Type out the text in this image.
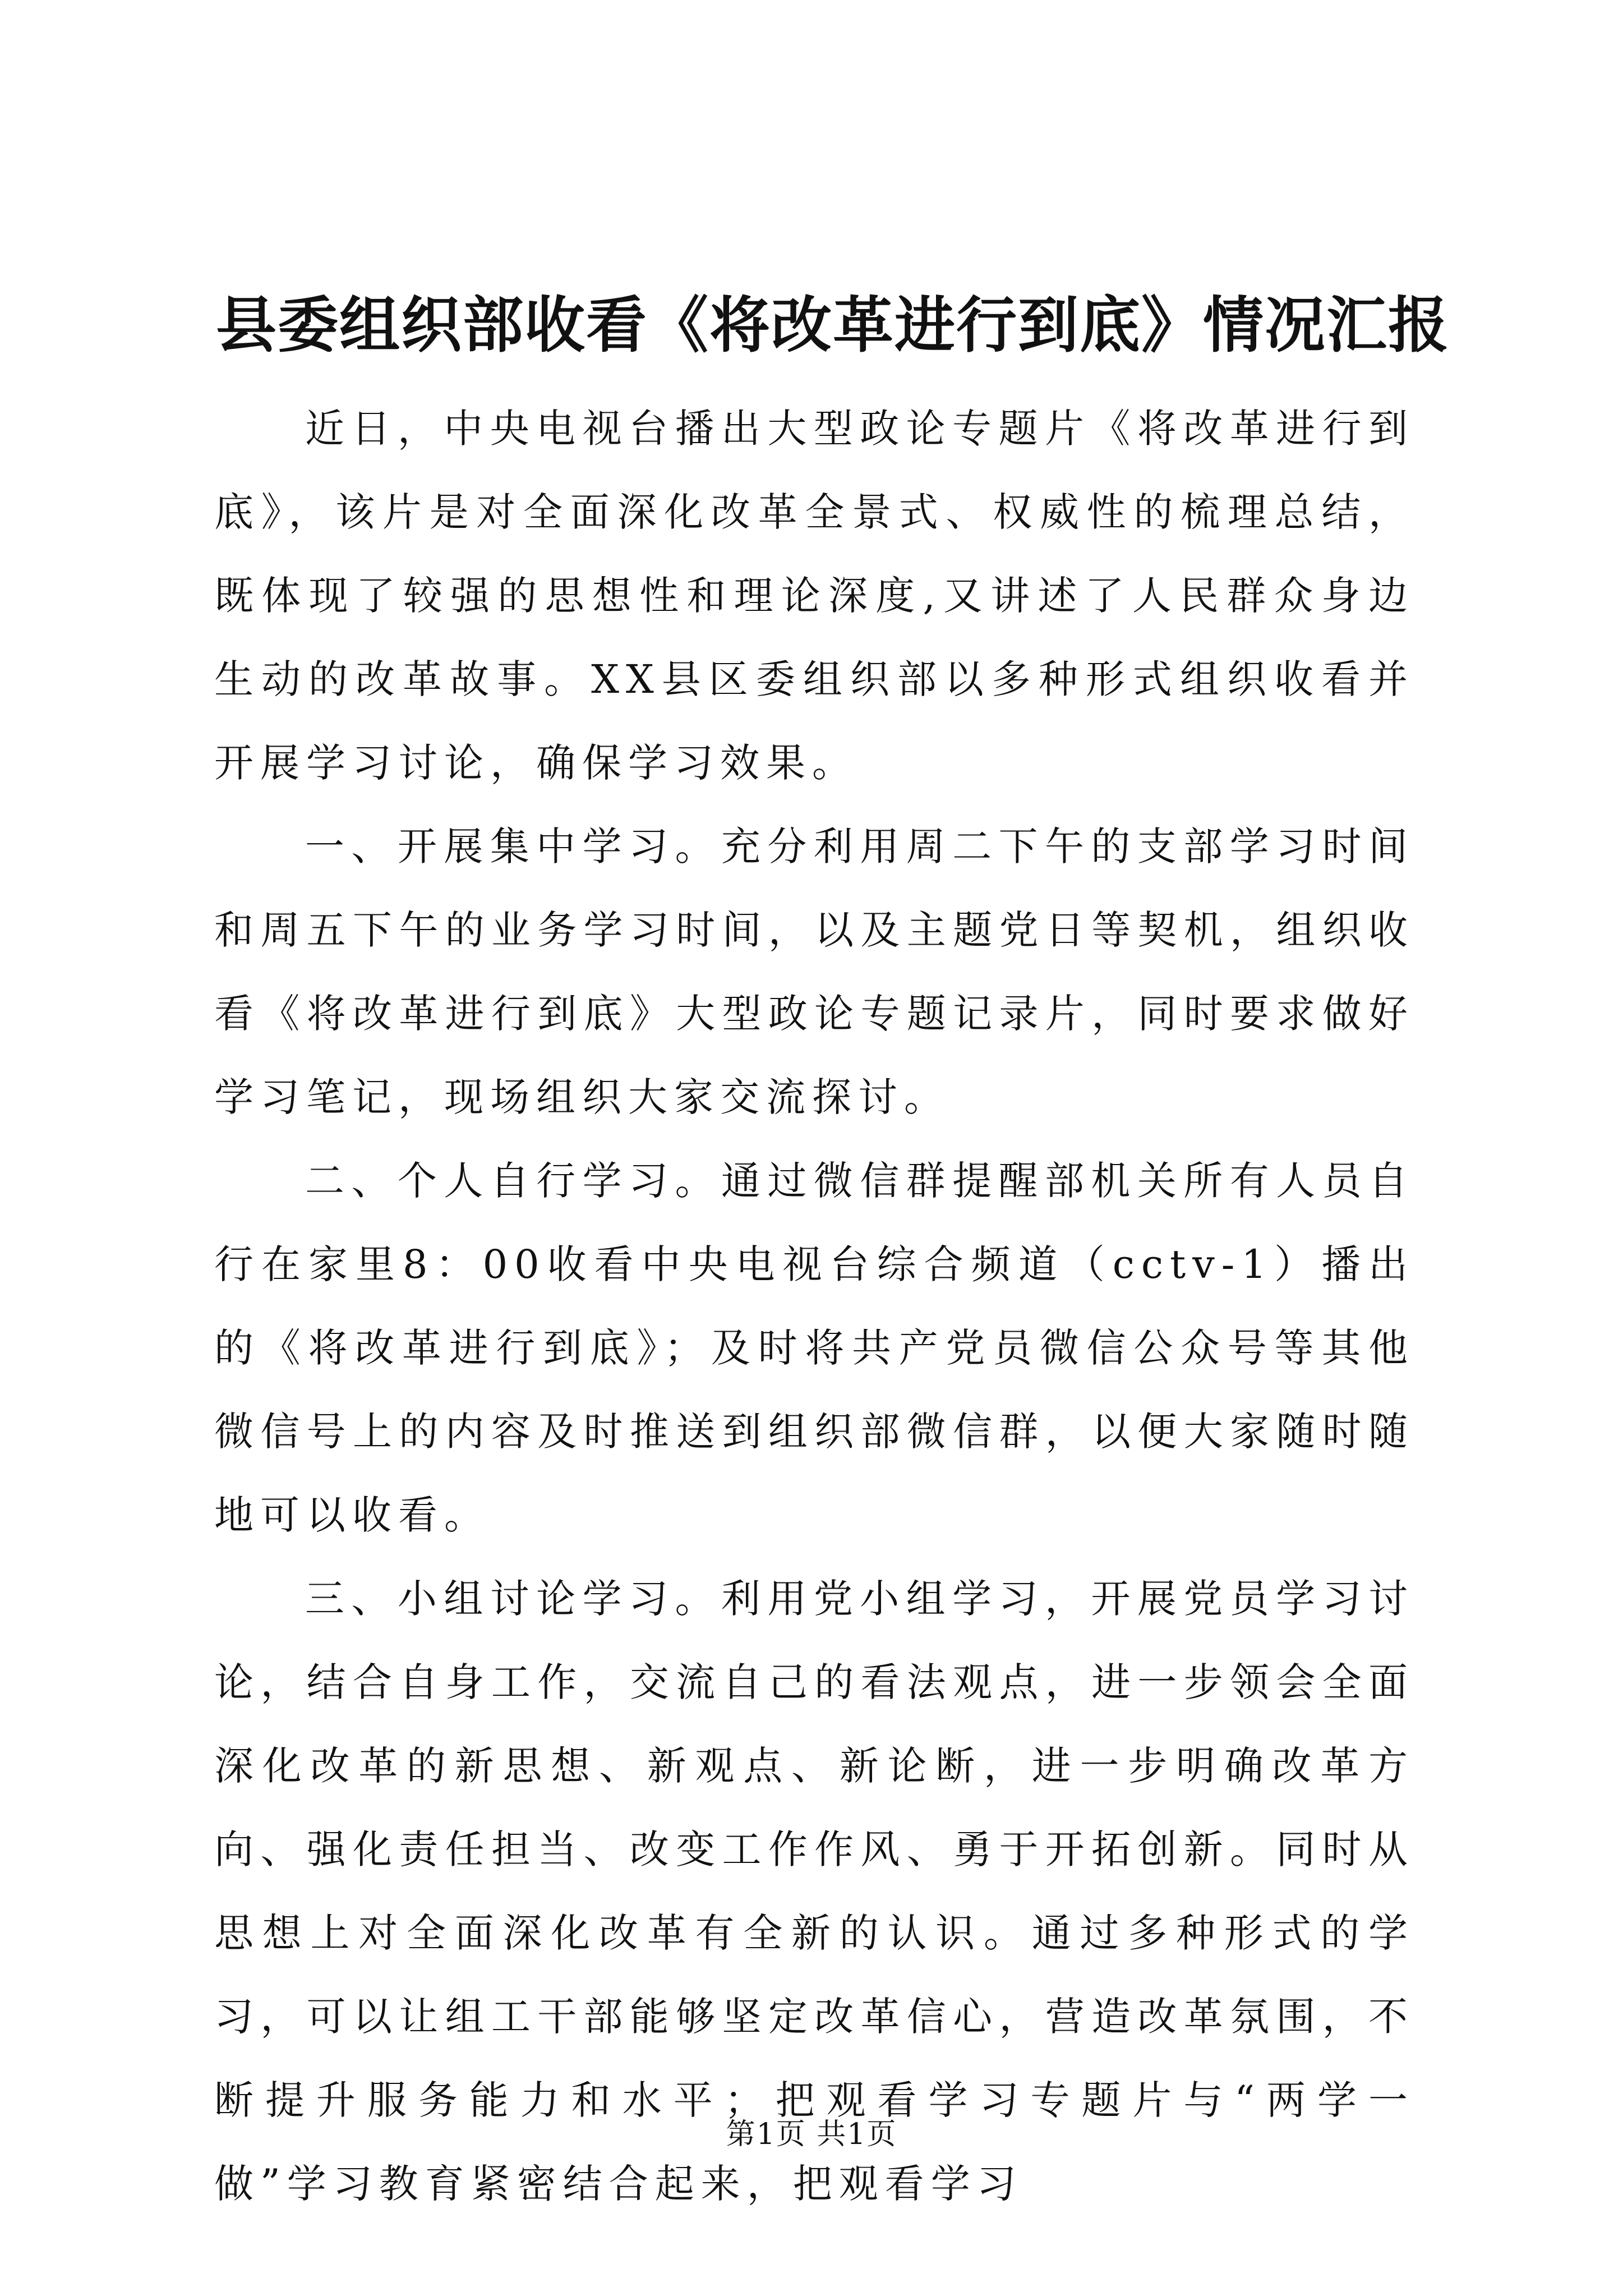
县委组织部收看《将改革进行到底》情况汇报

近日，中央电视台播出大型政论专题片《将改革进行到底》，该片是对全面深化改革全景式、权威性的梳理总结，既体现了较强的思想性和理论深度,又讲述了人民群众身边生动的改革故事。XX县区委组织部以多种形式组织收看并开展学习讨论，确保学习效果。

一、开展集中学习。充分利用周二下午的支部学习时间和周五下午的业务学习时间，以及主题党日等契机，组织收看《将改革进行到底》大型政论专题记录片，同时要求做好学习笔记，现场组织大家交流探讨。

二、个人自行学习。通过微信群提醒部机关所有人员自行在家里8：00收看中央电视台综合频道（cctv-1）播出的《将改革进行到底》；及时将共产党员微信公众号等其他微信号上的内容及时推送到组织部微信群，以便大家随时随地可以收看。

三、小组讨论学习。利用党小组学习，开展党员学习讨论，结合自身工作，交流自己的看法观点，进一步领会全面深化改革的新思想、新观点、新论断，进一步明确改革方向、强化责任担当、改变工作作风、勇于开拓创新。同时从思想上对全面深化改革有全新的认识。通过多种形式的学习，可以让组工干部能够坚定改革信心，营造改革氛围，不断提升服务能力和水平；把观看学习专题片与“两学一做”学习教育紧密结合起来，把观看学习

第1页 共1页
